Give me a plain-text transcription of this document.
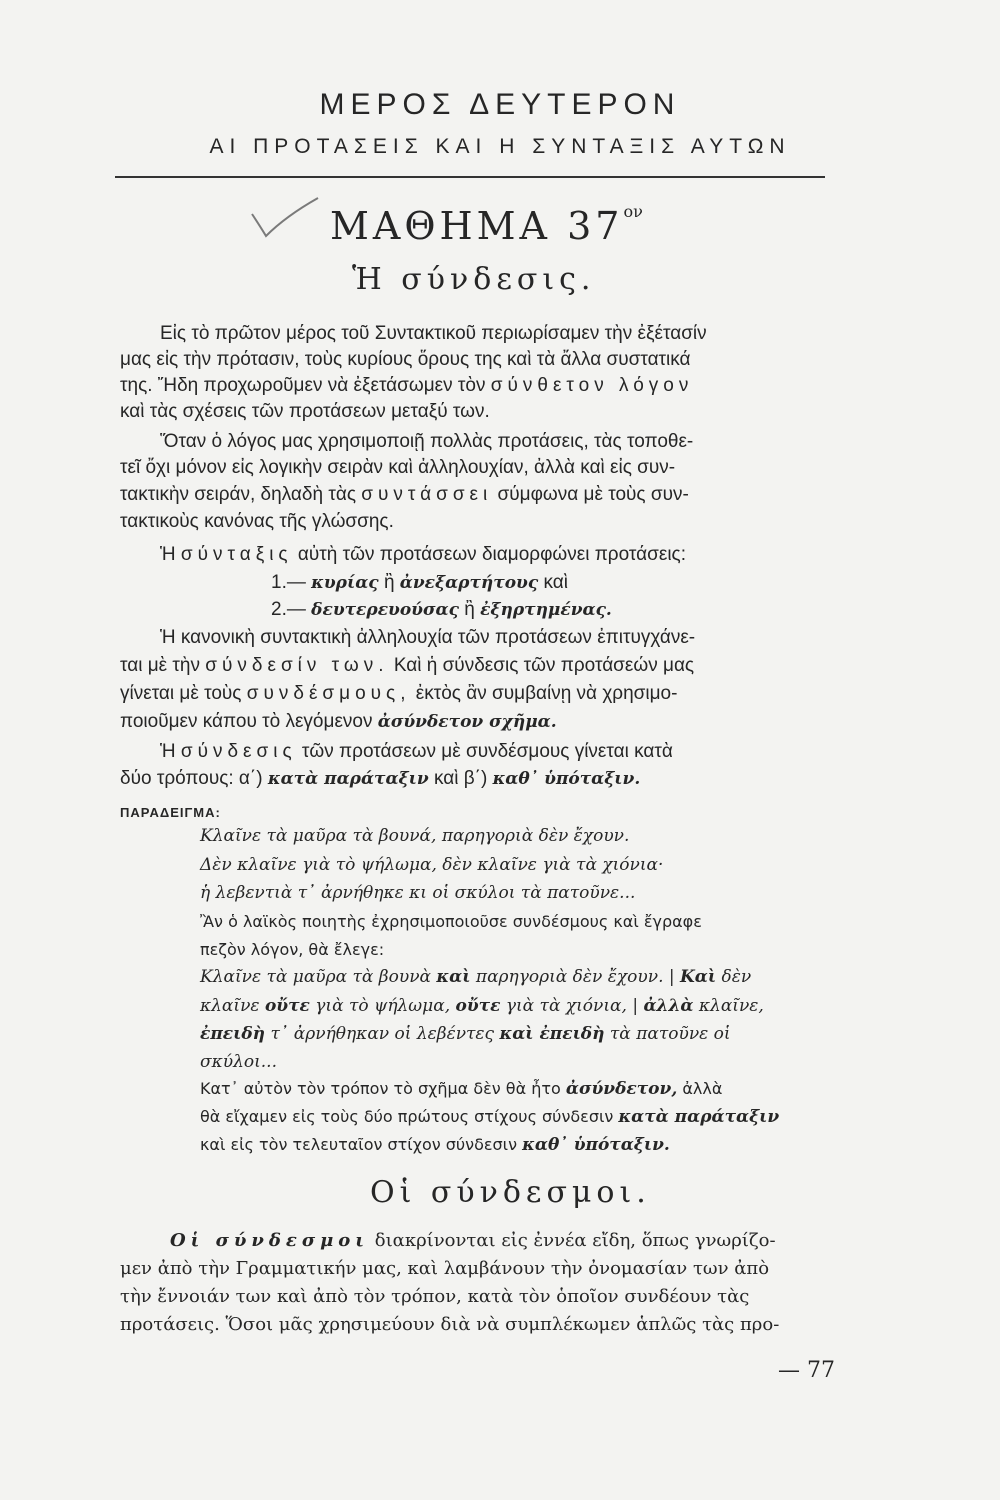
ΜΕΡΟΣ ΔΕΥΤΕΡΟΝ
ΑΙ ΠΡΟΤΑΣΕΙΣ ΚΑΙ Η ΣΥΝΤΑΞΙΣ ΑΥΤΩΝ
ΜΑΘΗΜΑ $37^{o\nu}$
Ἡ σύνδεσις.
Εἰς τὸ πρῶτον μέρος τοῦ Συντακτικοῦ περιωρίσαμεν τὴν ἐξέτασίν
μας εἰς τὴν πρότασιν, τοὺς κυρίους ὅρους της καὶ τὰ ἄλλα συστατικά
της. Ἤδη προχωροῦμεν νὰ ἐξετάσωμεν τὸν σύνθετον λόγον
καὶ τὰς σχέσεις τῶν προτάσεων μεταξύ των.
Ὅταν ὁ λόγος μας χρησιμοποιῇ πολλὰς προτάσεις, τὰς τοποθε-
τεῖ ὄχι μόνον εἰς λογικὴν σειρὰν καὶ ἀλληλουχίαν, ἀλλὰ καὶ εἰς συν-
τακτικὴν σειράν, δηλαδὴ τὰς συντάσσει σύμφωνα μὲ τοὺς συν-
τακτικοὺς κανόνας τῆς γλώσσης.
Ἡ σύνταξις αὐτὴ τῶν προτάσεων διαμορφώνει προτάσεις:
1.— κυρίας ἢ ἀνεξαρτήτους καὶ
2.— δευτερευούσας ἢ ἐξηρτημένας.
Ἡ κανονικὴ συντακτικὴ ἀλληλουχία τῶν προτάσεων ἐπιτυγχάνε-
ται μὲ τὴν σύνδεσίν των. Καὶ ἡ σύνδεσις τῶν προτάσεών μας
γίνεται μὲ τοὺς συνδέσμους, ἐκτὸς ἂν συμβαίνῃ νὰ χρησιμο-
ποιοῦμεν κάπου τὸ λεγόμενον ἀσύνδετον σχῆμα.
Ἡ σύνδεσις τῶν προτάσεων μὲ συνδέσμους γίνεται κατὰ
δύο τρόπους: α΄) κατὰ παράταξιν καὶ β΄) καθ᾽ ὑπόταξιν.
ΠΑΡΑΔΕΙΓΜΑ:
Κλαῖνε τὰ μαῦρα τὰ βουνά, παρηγοριὰ δὲν ἔχουν.
Δὲν κλαῖνε γιὰ τὸ ψήλωμα, δὲν κλαῖνε γιὰ τὰ χιόνια·
ἡ λεβεντιὰ τ᾽ ἀρνήθηκε κι οἱ σκύλοι τὰ πατοῦνε...
Ἂν ὁ λαϊκὸς ποιητὴς ἐχρησιμοποιοῦσε συνδέσμους καὶ ἔγραφε
πεζὸν λόγον, θὰ ἔλεγε:
Κλαῖνε τὰ μαῦρα τὰ βουνὰ καὶ παρηγοριὰ δὲν ἔχουν. | Καὶ δὲν
κλαῖνε οὔτε γιὰ τὸ ψήλωμα, οὔτε γιὰ τὰ χιόνια, | ἀλλὰ κλαῖνε,
ἐπειδὴ τ᾽ ἀρνήθηκαν οἱ λεβέντες καὶ ἐπειδὴ τὰ πατοῦνε οἱ
σκύλοι...
Κατ᾽ αὐτὸν τὸν τρόπον τὸ σχῆμα δὲν θὰ ἦτο ἀσύνδετον, ἀλλὰ
θὰ εἴχαμεν εἰς τοὺς δύο πρώτους στίχους σύνδεσιν κατὰ παράταξιν
καὶ εἰς τὸν τελευταῖον στίχον σύνδεσιν καθ᾽ ὑπόταξιν.
Οἱ σύνδεσμοι.
Οἱ σύνδεσμοι διακρίνονται εἰς ἐννέα εἴδη, ὅπως γνωρίζο-
μεν ἀπὸ τὴν Γραμματικήν μας, καὶ λαμβάνουν τὴν ὀνομασίαν των ἀπὸ
τὴν ἔννοιάν των καὶ ἀπὸ τὸν τρόπον, κατὰ τὸν ὁποῖον συνδέουν τὰς
προτάσεις. Ὅσοι μᾶς χρησιμεύουν διὰ νὰ συμπλέκωμεν ἁπλῶς τὰς προ-
— 77
